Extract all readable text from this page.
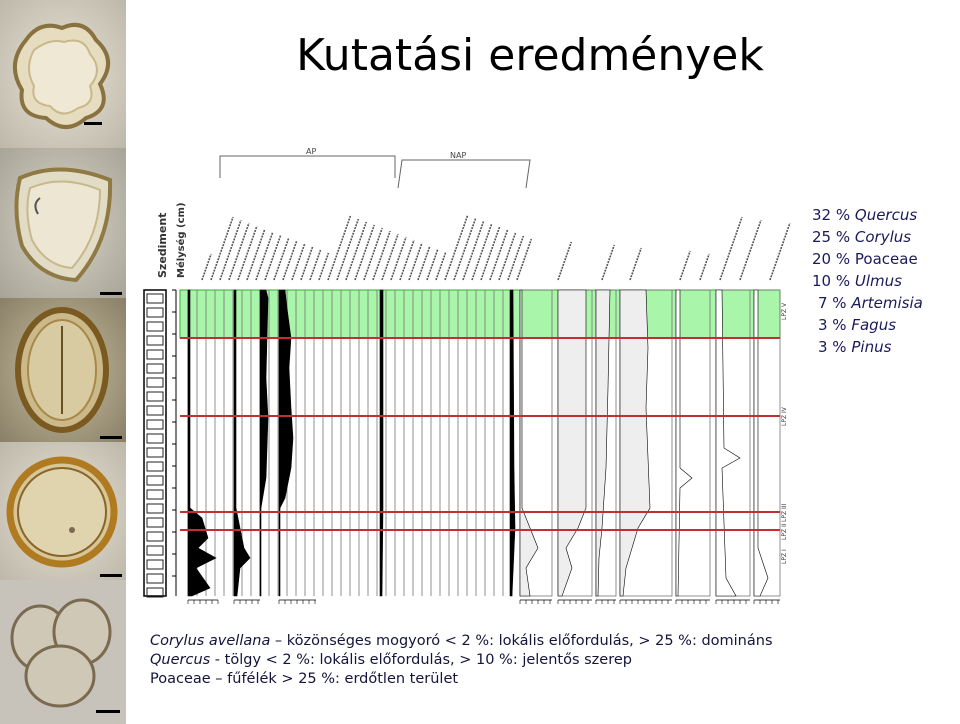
Kutatási eredmények
Szediment Mélység (cm)
AP	NAP
LPZ V
LPZ IV
LPZ III
LPZ II
LPZ I
32 % Quercus
25 % Corylus
20 % Poaceae
10 % Ulmus
7 % Artemisia
3 % Fagus
3 % Pinus
Corylus avellana – közönséges mogyoró < 2 %: lokális előfordulás, > 25 %: domináns
Quercus - tölgy < 2 %: lokális előfordulás, > 10 %: jelentős szerep
Poaceae – fűfélék > 25 %: erdőtlen terület
